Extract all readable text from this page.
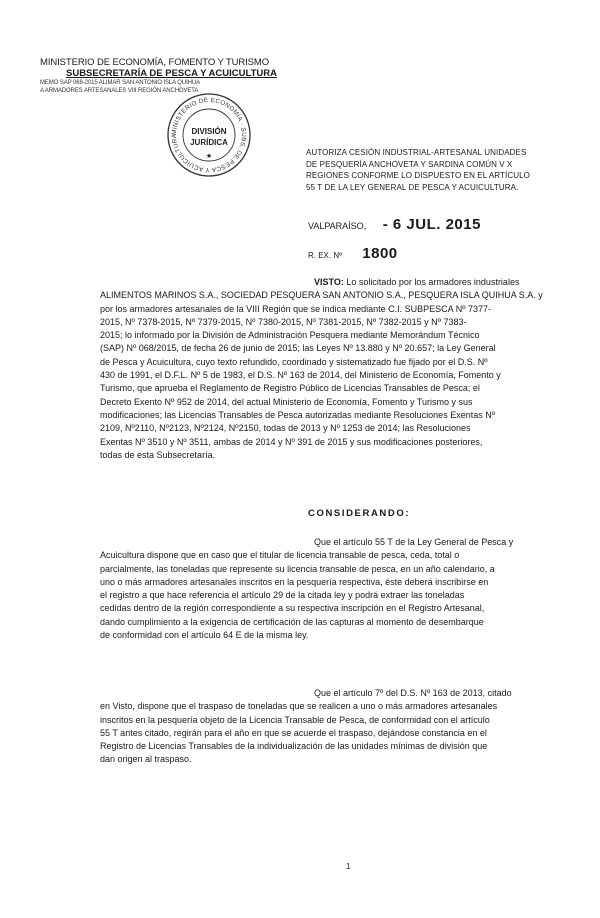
MINISTERIO DE ECONOMÍA, FOMENTO Y TURISMO
SUBSECRETARÍA DE PESCA Y ACUICULTURA
MEMO SAP 068-2015 ALIMAR SAN ANTONIO ISLA QUIHUA
A ARMADORES ARTESANALES VIII REGIÓN ANCHOVETA
MINISTERIO DE ECONOMÍA · SUBS. DE PESCA Y ACUICULTURA	DIVISIÓN
JURÍDICA
★	AUTORIZA CESIÓN INDUSTRIAL-ARTESANAL UNIDADES
DE PESQUERÍA ANCHOVETA Y SARDINA COMÚN V X
REGIONES CONFORME LO DISPUESTO EN EL ARTÍCULO
55 T DE LA LEY GENERAL DE PESCA Y ACUICULTURA.
VALPARAÍSO, - 6 JUL. 2015
R. EX. Nº 1800
VISTO: Lo solicitado por los armadores industriales
ALIMENTOS MARINOS S.A., SOCIEDAD PESQUERA SAN ANTONIO S.A., PESQUERA ISLA QUIHUA S.A. y
por los armadores artesanales de la VIII Región que se indica mediante C.I. SUBPESCA Nº 7377-
2015, Nº 7378-2015, Nº 7379-2015, Nº 7380-2015, Nº 7381-2015, Nº 7382-2015 y Nº 7383-
2015; lo informado por la División de Administración Pesquera mediante Memorándum Técnico
(SAP) Nº 068/2015, de fecha 26 de junio de 2015; las Leyes Nº 13.880 y Nº 20.657; la Ley General
de Pesca y Acuicultura, cuyo texto refundido, coordinado y sistematizado fue fijado por el D.S. Nº
430 de 1991, el D.F.L. Nº 5 de 1983, el D.S. Nº 163 de 2014, del Ministerio de Economía, Fomento y
Turismo, que aprueba el Reglamento de Registro Público de Licencias Transables de Pesca; el
Decreto Exento Nº 952 de 2014, del actual Ministerio de Economía, Fomento y Turismo y sus
modificaciones; las Licencias Transables de Pesca autorizadas mediante Resoluciones Exentas Nº
2109, Nº2110, Nº2123, Nº2124, Nº2150, todas de 2013 y Nº 1253 de 2014; las Resoluciones
Exentas Nº 3510 y Nº 3511, ambas de 2014 y Nº 391 de 2015 y sus modificaciones posteriores,
todas de esta Subsecretaría.
CONSIDERANDO:
Que el artículo 55 T de la Ley General de Pesca y
Acuicultura dispone que en caso que el titular de licencia transable de pesca, ceda, total o
parcialmente, las toneladas que represente su licencia transable de pesca, en un año calendario, a
uno o más armadores artesanales inscritos en la pesquería respectiva, éste deberá inscribirse en
el registro a que hace referencia el artículo 29 de la citada ley y podrá extraer las toneladas
cedidas dentro de la región correspondiente a su respectiva inscripción en el Registro Artesanal,
dando cumplimiento a la exigencia de certificación de las capturas al momento de desembarque
de conformidad con el artículo 64 E de la misma ley.
Que el artículo 7º del D.S. Nº 163 de 2013, citado
en Visto, dispone que el traspaso de toneladas que se realicen a uno o más armadores artesanales
inscritos en la pesquería objeto de la Licencia Transable de Pesca, de conformidad con el artículo
55 T antes citado, regirán para el año en que se acuerde el traspaso, dejándose constancia en el
Registro de Licencias Transables de la individualización de las unidades mínimas de división que
dan origen al traspaso.
1
